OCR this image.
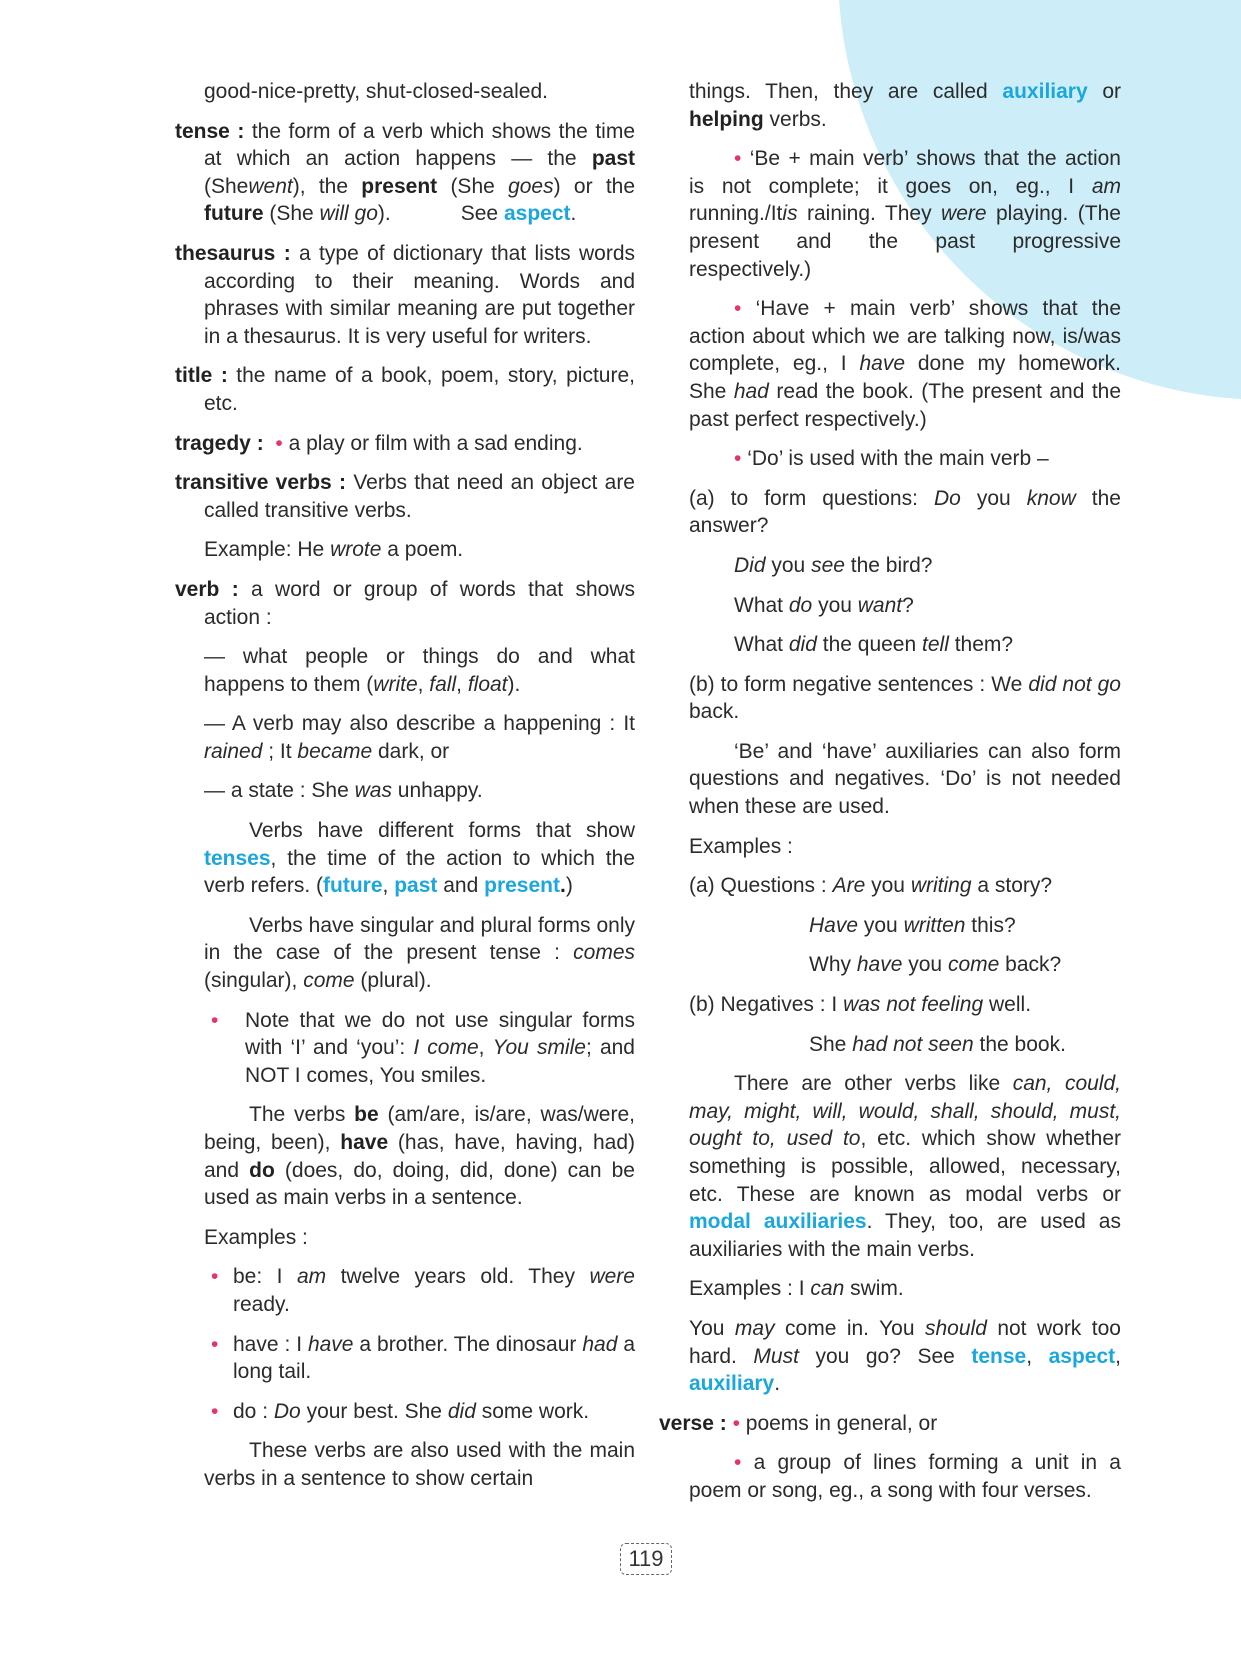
good-nice-pretty, shut-closed-sealed.
tense : the form of a verb which shows the time at which an action happens — the past (Shewent), the present (She goes) or the future (She will go).	See aspect.
thesaurus : a type of dictionary that lists words according to their meaning. Words and phrases with similar meaning are put together in a thesaurus. It is very useful for writers.
title : the name of a book, poem, story, picture, etc.
tragedy : • a play or film with a sad ending.
transitive verbs : Verbs that need an object are called transitive verbs.
Example: He wrote a poem.
verb : a word or group of words that shows action :
— what people or things do and what happens to them (write, fall, float).
— A verb may also describe a happening : It rained ; It became dark, or
— a state : She was unhappy.
Verbs have different forms that show tenses, the time of the action to which the verb refers. (future, past and present.)
Verbs have singular and plural forms only in the case of the present tense : comes (singular), come (plural).
• Note that we do not use singular forms with ‘I’ and ‘you’: I come, You smile; and NOT I comes, You smiles.
The verbs be (am/are, is/are, was/were, being, been), have (has, have, having, had) and do (does, do, doing, did, done) can be used as main verbs in a sentence.
Examples :
• be: I am twelve years old. They were ready.
• have : I have a brother. The dinosaur had a long tail.
• do : Do your best. She did some work.
These verbs are also used with the main verbs in a sentence to show certain
things. Then, they are called auxiliary or helping verbs.
• ‘Be + main verb’ shows that the action is not complete; it goes on, eg., I am running./Itis raining. They were playing. (The present and the past progressive respectively.)
• ‘Have + main verb’ shows that the action about which we are talking now, is/was complete, eg., I have done my homework. She had read the book. (The present and the past perfect respectively.)
• ‘Do’ is used with the main verb –
(a) to form questions: Do you know the answer?
Did you see the bird?
What do you want?
What did the queen tell them?
(b) to form negative sentences : We did not go back.
‘Be’ and ‘have’ auxiliaries can also form questions and negatives. ‘Do’ is not needed when these are used.
Examples :
(a) Questions : Are you writing a story?
Have you written this?
Why have you come back?
(b) Negatives : I was not feeling well.
She had not seen the book.
There are other verbs like can, could, may, might, will, would, shall, should, must, ought to, used to, etc. which show whether something is possible, allowed, necessary, etc. These are known as modal verbs or modal auxiliaries. They, too, are used as auxiliaries with the main verbs.
Examples : I can swim.
You may come in. You should not work too hard. Must you go? See tense, aspect, auxiliary.
verse : • poems in general, or
• a group of lines forming a unit in a poem or song, eg., a song with four verses.
119
